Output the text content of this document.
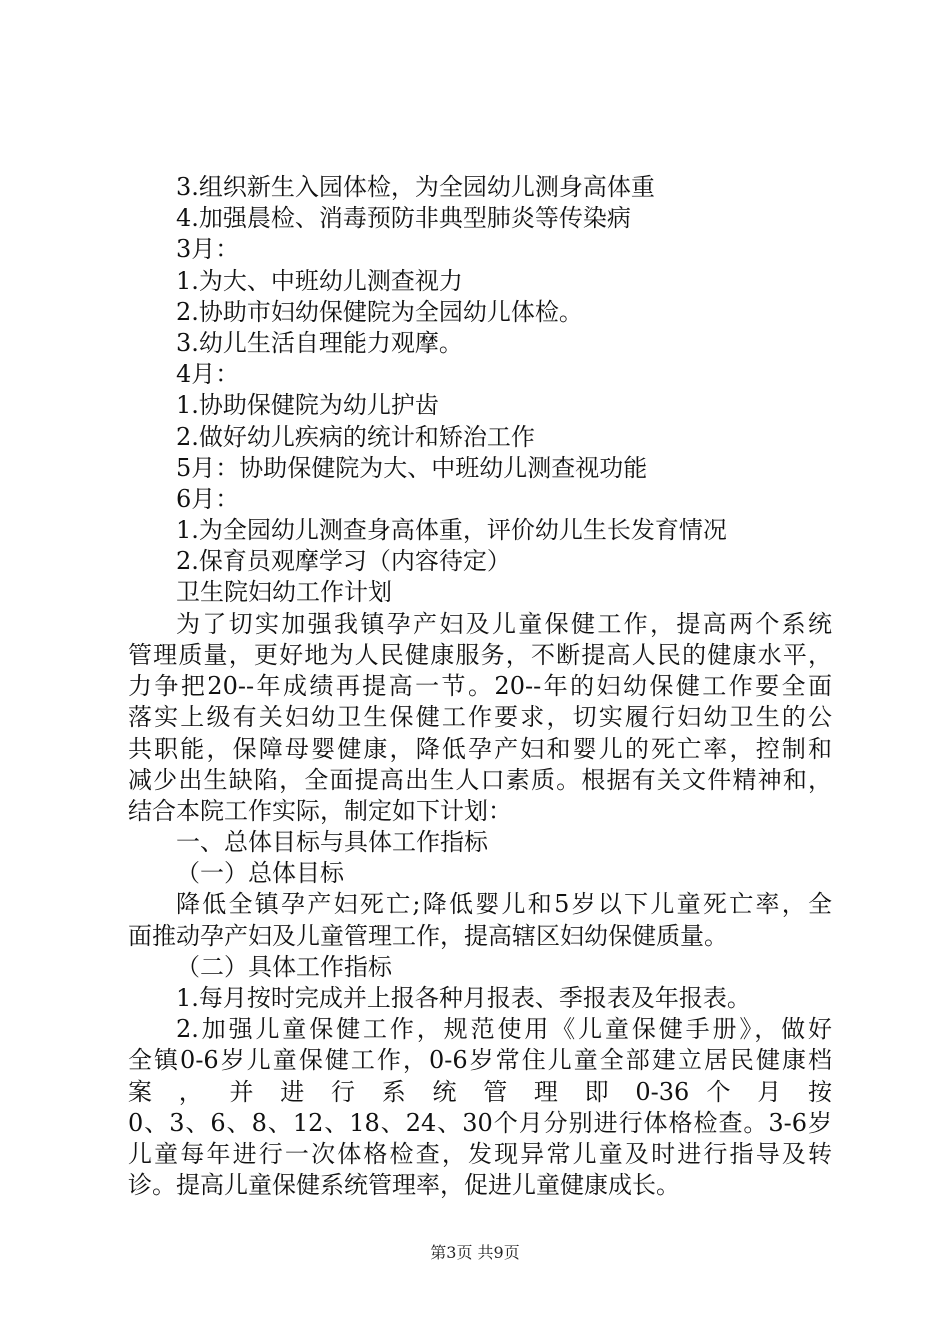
3.组织新生入园体检，为全园幼儿测身高体重
4.加强晨检、消毒预防非典型肺炎等传染病
3月：
1.为大、中班幼儿测查视力
2.协助市妇幼保健院为全园幼儿体检。
3.幼儿生活自理能力观摩。
4月：
1.协助保健院为幼儿护齿
2.做好幼儿疾病的统计和矫治工作
5月：协助保健院为大、中班幼儿测查视功能
6月：
1.为全园幼儿测查身高体重，评价幼儿生长发育情况
2.保育员观摩学习（内容待定）
卫生院妇幼工作计划
为了切实加强我镇孕产妇及儿童保健工作，提高两个系统
管理质量，更好地为人民健康服务，不断提高人民的健康水平，
力争把20--年成绩再提高一节。20--年的妇幼保健工作要全面
落实上级有关妇幼卫生保健工作要求，切实履行妇幼卫生的公
共职能，保障母婴健康，降低孕产妇和婴儿的死亡率，控制和
减少出生缺陷，全面提高出生人口素质。根据有关文件精神和，
结合本院工作实际，制定如下计划：
一、总体目标与具体工作指标
（一）总体目标
降低全镇孕产妇死亡;降低婴儿和5岁以下儿童死亡率，全
面推动孕产妇及儿童管理工作，提高辖区妇幼保健质量。
（二）具体工作指标
1.每月按时完成并上报各种月报表、季报表及年报表。
2.加强儿童保健工作，规范使用《儿童保健手册》，做好
全镇0-6岁儿童保健工作，0-6岁常住儿童全部建立居民健康档
案 ， 并 进 行 系 统 管 理 即 0-36 个 月 按
0、3、6、8、12、18、24、30个月分别进行体格检查。3-6岁
儿童每年进行一次体格检查，发现异常儿童及时进行指导及转
诊。提高儿童保健系统管理率，促进儿童健康成长。
第3页 共9页
